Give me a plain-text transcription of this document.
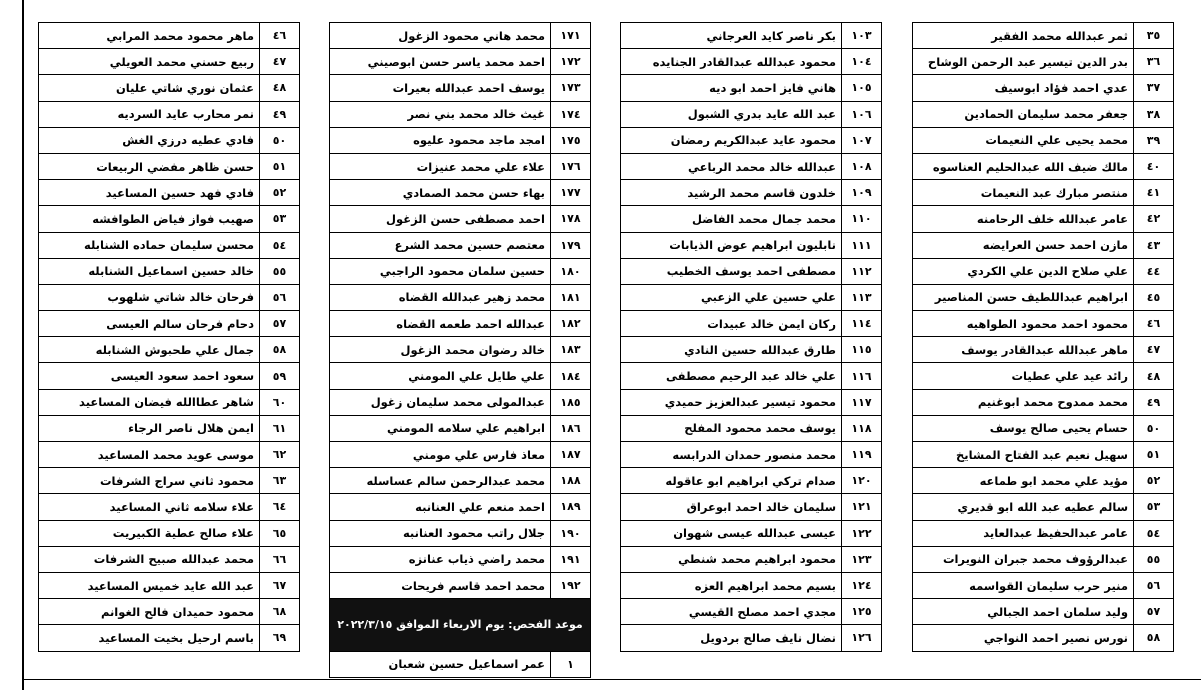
ثمر عبدالله محمد الفقير	٣٥
بدر الدين تيسير عبد الرحمن الوشاح	٣٦
عدي احمد فؤاد ابوسيف	٣٧
جعفر محمد سليمان الحمادين	٣٨
محمد يحيى علي النعيمات	٣٩
مالك ضيف الله عبدالحليم العناسوه	٤٠
منتصر مبارك عبد النعيمات	٤١
عامر عبدالله خلف الرحامنه	٤٢
مازن احمد حسن العرايضه	٤٣
علي صلاح الدين علي الكردي	٤٤
ابراهيم عبداللطيف حسن المناصير	٤٥
محمود احمد محمود الطواهيه	٤٦
ماهر عبدالله عبدالقادر يوسف	٤٧
رائد عيد علي عطيات	٤٨
محمد ممدوح محمد ابوغنيم	٤٩
حسام يحيى صالح يوسف	٥٠
سهيل نعيم عبد الفتاح المشايخ	٥١
مؤيد علي محمد ابو طماعه	٥٢
سالم عطيه عبد الله ابو قديري	٥٣
عامر عبدالحفيظ عبدالعايد	٥٤
عبدالرؤوف محمد جبران النويرات	٥٥
منير حرب سليمان القواسمه	٥٦
وليد سلمان احمد الجبالي	٥٧
نورس نصير احمد النواجي	٥٨
بكر ناصر كايد العرجاني	١٠٣
محمود عبدالله عبدالقادر الجنايده	١٠٤
هاني فايز احمد ابو ديه	١٠٥
عبد الله عايد بدري الشبول	١٠٦
محمود عايد عبدالكريم رمضان	١٠٧
عبدالله خالد محمد الرباعي	١٠٨
خلدون قاسم محمد الرشيد	١٠٩
محمد جمال محمد الفاضل	١١٠
نابليون ابراهيم عوض الذيابات	١١١
مصطفى احمد يوسف الخطيب	١١٢
علي حسين علي الزعبي	١١٣
ركان ايمن خالد عبيدات	١١٤
طارق عبدالله حسين النادي	١١٥
علي خالد عبد الرحيم مصطفى	١١٦
محمود تيسير عبدالعزيز حميدي	١١٧
يوسف محمد محمود المفلح	١١٨
محمد منصور حمدان الدرابسه	١١٩
صدام تركي ابراهيم ابو عاقوله	١٢٠
سليمان خالد احمد ابوعراق	١٢١
عيسى عبدالله عيسى شهوان	١٢٢
محمود ابراهيم محمد شنطي	١٢٣
بسيم محمد ابراهيم العزه	١٢٤
مجدي احمد مصلح القيسي	١٢٥
نضال نايف صالح بردويل	١٢٦
محمد هاني محمود الزغول	١٧١
احمد محمد ياسر حسن ابوصيني	١٧٢
يوسف احمد عبدالله بعيرات	١٧٣
غيث خالد محمد بني نصر	١٧٤
امجد ماجد محمود عليوه	١٧٥
علاء علي محمد عنيزات	١٧٦
بهاء حسن محمد الصمادي	١٧٧
احمد مصطفى حسن الزغول	١٧٨
معتصم حسين محمد الشرع	١٧٩
حسين سلمان محمود الراجبي	١٨٠
محمد زهير عبدالله القضاه	١٨١
عبدالله احمد طعمه القضاه	١٨٢
خالد رضوان محمد الزغول	١٨٣
علي طايل علي المومني	١٨٤
عبدالمولى محمد سليمان زغول	١٨٥
ابراهيم علي سلامه المومني	١٨٦
معاذ فارس علي مومني	١٨٧
محمد عبدالرحمن سالم عساسله	١٨٨
احمد منعم علي العنانبه	١٨٩
جلال راتب محمود العنانبه	١٩٠
محمد راضي ذياب عنانزه	١٩١
محمد احمد قاسم فريحات	١٩٢

موعد الفحص: يوم الاربعاء الموافق ٢٠٢٢/٣/١٥	

عمر اسماعيل حسين شعبان	١
ماهر محمود محمد المرابي	٤٦
ربيع حسني محمد العويلي	٤٧
عثمان نوري شاتي عليان	٤٨
نمر محارب عايد السرديه	٤٩
فادي عطيه درزي الغش	٥٠
حسن ظاهر مفضي الربيعات	٥١
فادي فهد حسين المساعيد	٥٢
صهيب فواز فياض الطوافشه	٥٣
محسن سليمان حماده الشنابله	٥٤
خالد حسين اسماعيل الشنابله	٥٥
فرحان خالد شاتي شلهوب	٥٦
دحام فرحان سالم العيسى	٥٧
جمال علي طحبوش الشنابله	٥٨
سعود احمد سعود العيسى	٥٩
شاهر عطاالله فيضان المساعيد	٦٠
ايمن هلال ناصر الرجاء	٦١
موسى عويد محمد المساعيد	٦٢
محمود ثاني سراج الشرفات	٦٣
علاء سلامه ثاني المساعيد	٦٤
علاء صالح عطية الكبيريت	٦٥
محمد عبدالله صبيح الشرفات	٦٦
عبد الله عايد خميس المساعيد	٦٧
محمود حميدان فالح الغوانم	٦٨
باسم ارحيل بخيت المساعيد	٦٩
